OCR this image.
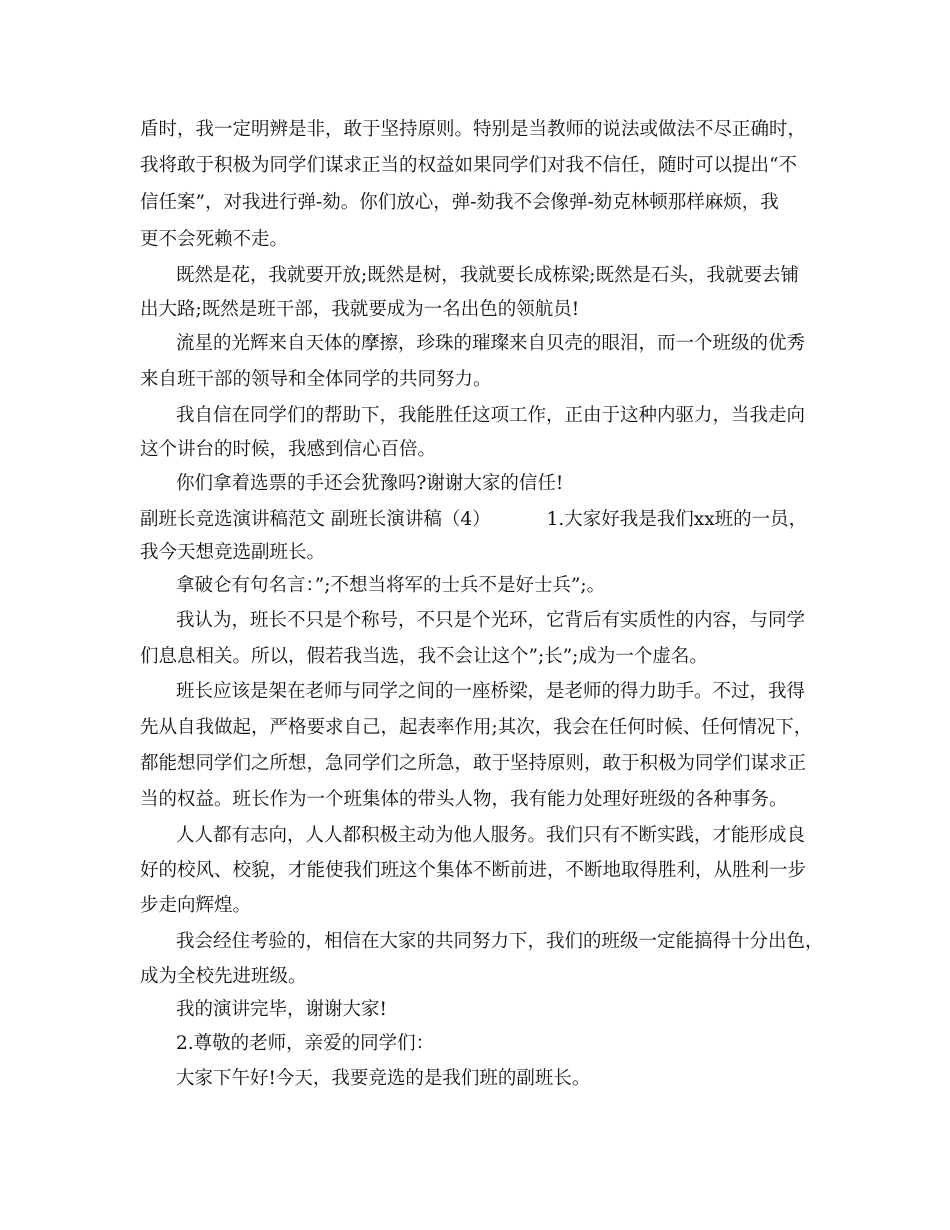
盾时，我一定明辨是非，敢于坚持原则。特别是当教师的说法或做法不尽正确时，
我将敢于积极为同学们谋求正当的权益如果同学们对我不信任，随时可以提出“不
信任案”，对我进行弹-劾。你们放心，弹-劾我不会像弹-劾克林顿那样麻烦，我
更不会死赖不走。
既然是花，我就要开放;既然是树，我就要长成栋梁;既然是石头，我就要去铺
出大路;既然是班干部，我就要成为一名出色的领航员!
流星的光辉来自天体的摩擦，珍珠的璀璨来自贝壳的眼泪，而一个班级的优秀
来自班干部的领导和全体同学的共同努力。
我自信在同学们的帮助下，我能胜任这项工作，正由于这种内驱力，当我走向
这个讲台的时候，我感到信心百倍。
你们拿着选票的手还会犹豫吗?谢谢大家的信任!
副班长竞选演讲稿范文 副班长演讲稿（4）	1.大家好我是我们xx班的一员，
我今天想竞选副班长。
拿破仑有句名言：”;不想当将军的士兵不是好士兵”;。
我认为，班长不只是个称号，不只是个光环，它背后有实质性的内容，与同学
们息息相关。所以，假若我当选，我不会让这个”;长”;成为一个虚名。
班长应该是架在老师与同学之间的一座桥梁，是老师的得力助手。不过，我得
先从自我做起，严格要求自己，起表率作用;其次，我会在任何时候、任何情况下，
都能想同学们之所想，急同学们之所急，敢于坚持原则，敢于积极为同学们谋求正
当的权益。班长作为一个班集体的带头人物，我有能力处理好班级的各种事务。
人人都有志向，人人都积极主动为他人服务。我们只有不断实践，才能形成良
好的校风、校貌，才能使我们班这个集体不断前进，不断地取得胜利，从胜利一步
步走向辉煌。
我会经住考验的，相信在大家的共同努力下，我们的班级一定能搞得十分出色，
成为全校先进班级。
我的演讲完毕，谢谢大家!
2.尊敬的老师，亲爱的同学们：
大家下午好!今天，我要竞选的是我们班的副班长。
